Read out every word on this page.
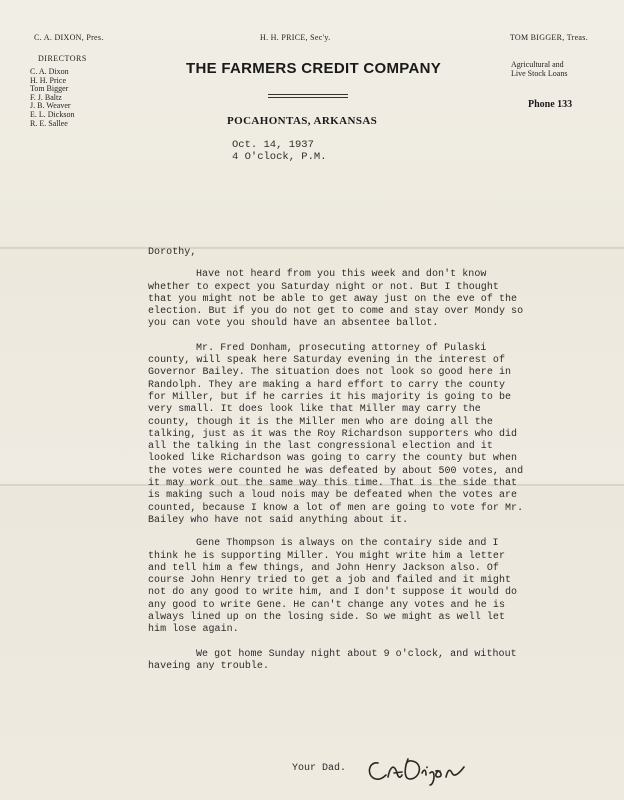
C. A. DIXON, Pres.	H. H. PRICE, Sec'y.	TOM BIGGER, Treas.
DIRECTORS
C. A. Dixon
H. H. Price
Tom Bigger
F. J. Baltz
J. B. Weaver
E. L. Dickson
R. E. Sallee
THE FARMERS CREDIT COMPANY
POCAHONTAS, ARKANSAS
Agricultural and
Live Stock Loans
Phone 133
Oct. 14, 1937
4 O'clock, P.M.

Dorothy,

Have not heard from you this week and don't know whether to expect you Saturday night or not. But I thought that you might not be able to get away just on the eve of the election. But if you do not get to come and stay over Mondy so you can vote you should have an absentee ballot.

Mr. Fred Donham, prosecuting attorney of Pulaski county, will speak here Saturday evening in the interest of Governor Bailey. The situation does not look so good here in Randolph. They are making a hard effort to carry the county for Miller, but if he carries it his majority is going to be very small. It does look like that Miller may carry the county, though it is the Miller men who are doing all the talking, just as it was the Roy Richardson supporters who did all the talking in the last congressional election and it looked like Richardson was going to carry the county but when the votes were counted he was defeated by about 500 votes, and it may work out the same way this time. That is the side that is making such a loud nois may be defeated when the votes are counted, because I know a lot of men are going to vote for Mr. Bailey who have not said anything about it.

Gene Thompson is always on the contairy side and I think he is supporting Miller. You might write him a letter and tell him a few things, and John Henry Jackson also. Of course John Henry tried to get a job and failed and it might not do any good to write him, and I don't suppose it would do any good to write Gene. He can't change any votes and he is always lined up on the losing side. So we might as well let him lose again.

We got home Sunday night about 9 o'clock, and without haveing any trouble.

Your Dad.
